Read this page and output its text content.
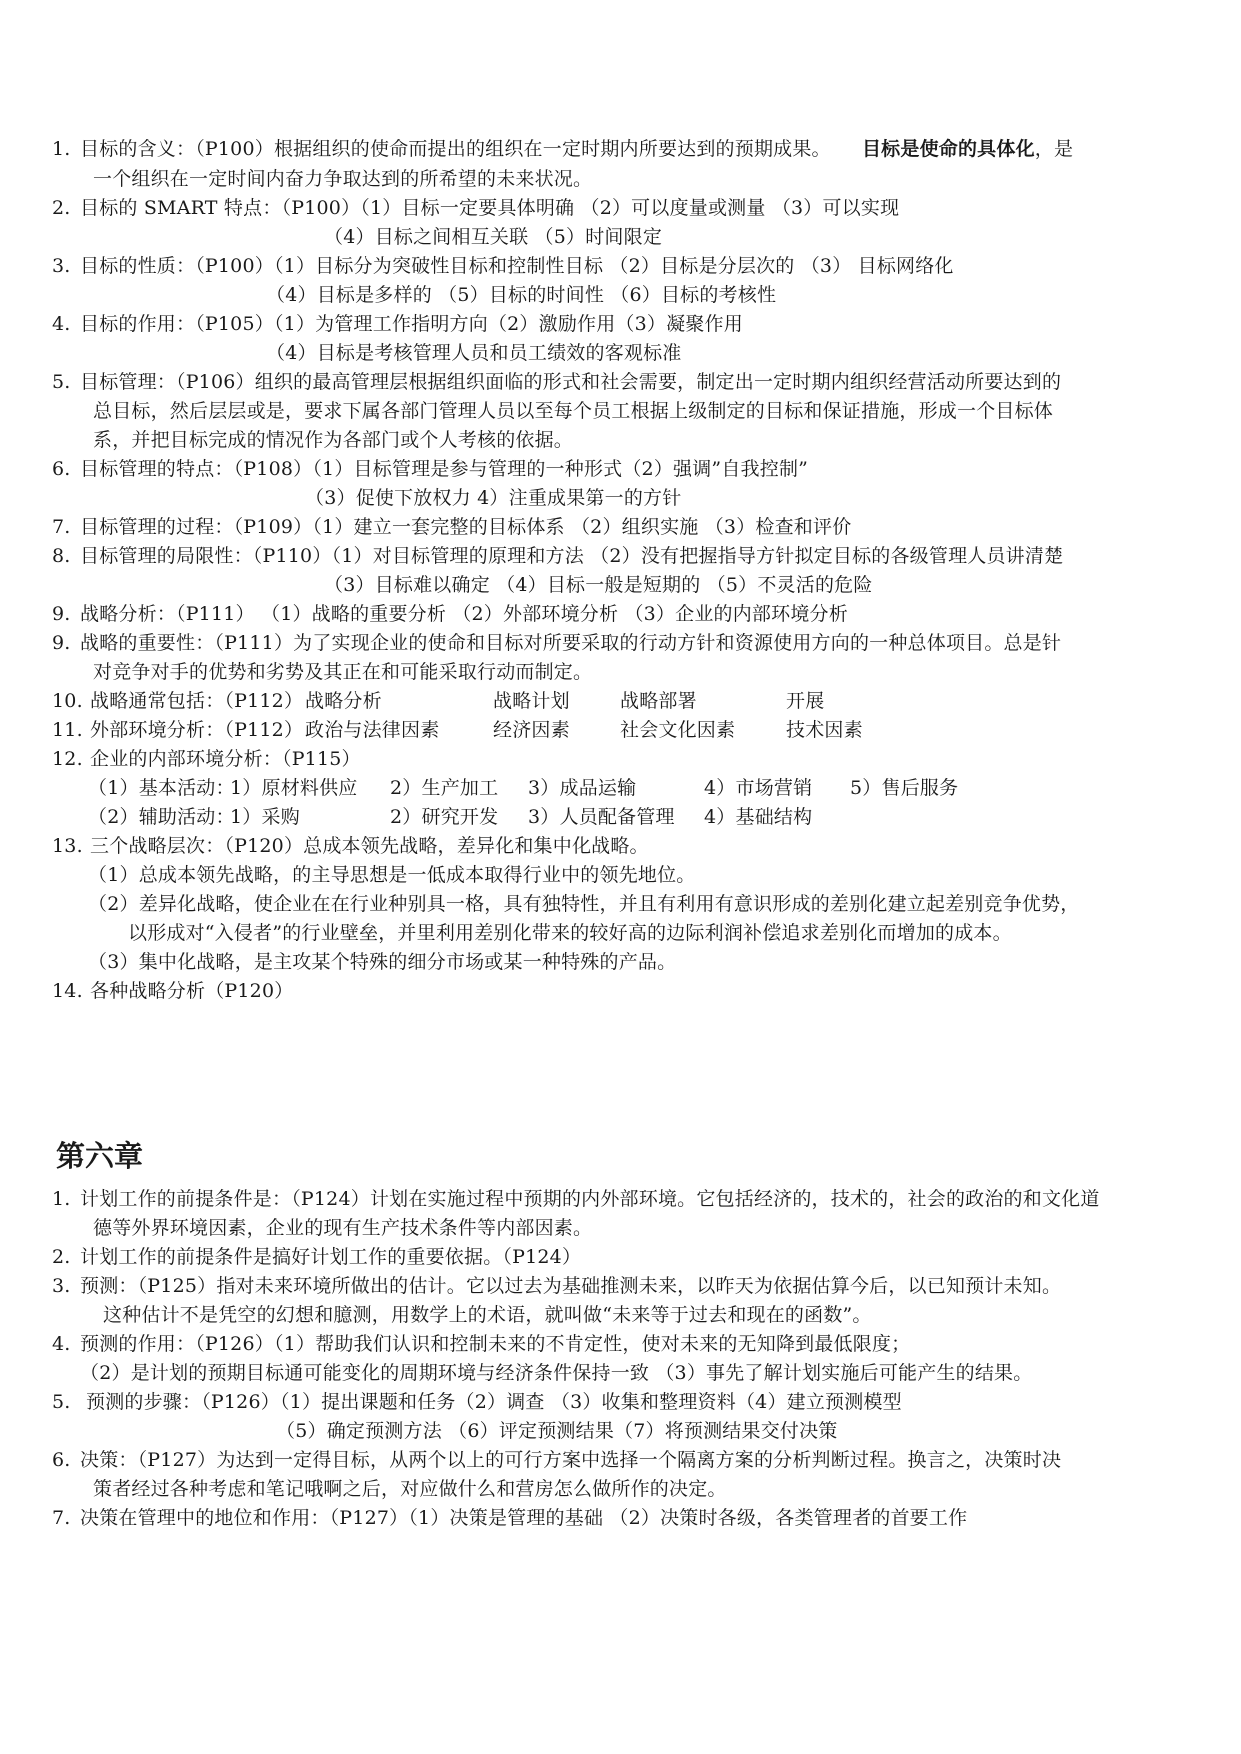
1. 目标的含义：（P100）根据组织的使命而提出的组织在一定时期内所要达到的预期成果。 目标是使命的具体化，是
一个组织在一定时间内奋力争取达到的所希望的未来状况。
2. 目标的 SMART 特点：（P100）（1）目标一定要具体明确 （2）可以度量或测量 （3）可以实现
（4）目标之间相互关联 （5）时间限定
3. 目标的性质：（P100）（1）目标分为突破性目标和控制性目标 （2）目标是分层次的 （3） 目标网络化
（4）目标是多样的 （5）目标的时间性 （6）目标的考核性
4. 目标的作用：（P105）（1）为管理工作指明方向（2）激励作用（3）凝聚作用
（4）目标是考核管理人员和员工绩效的客观标准
5. 目标管理：（P106）组织的最高管理层根据组织面临的形式和社会需要，制定出一定时期内组织经营活动所要达到的
总目标，然后层层或是，要求下属各部门管理人员以至每个员工根据上级制定的目标和保证措施，形成一个目标体
系，并把目标完成的情况作为各部门或个人考核的依据。
6. 目标管理的特点：（P108）（1）目标管理是参与管理的一种形式（2）强调”自我控制”
（3）促使下放权力 4）注重成果第一的方针
7. 目标管理的过程：（P109）（1）建立一套完整的目标体系 （2）组织实施 （3）检查和评价
8. 目标管理的局限性：（P110）（1）对目标管理的原理和方法 （2）没有把握指导方针拟定目标的各级管理人员讲清楚
（3）目标难以确定 （4）目标一般是短期的 （5）不灵活的危险
9. 战略分析：（P111） （1）战略的重要分析 （2）外部环境分析 （3）企业的内部环境分析
9. 战略的重要性：（P111）为了实现企业的使命和目标对所要采取的行动方针和资源使用方向的一种总体项目。总是针
对竞争对手的优势和劣势及其正在和可能采取行动而制定。
10. 战略通常包括：（P112）战略分析	战略计划	战略部署	开展
11. 外部环境分析：（P112）政治与法律因素	经济因素	社会文化因素	技术因素
12. 企业的内部环境分析：（P115）
（1）基本活动：1）原材料供应 2）生产加工 3）成品运输	4）市场营销 5）售后服务
（2）辅助活动：1）采购	2）研究开发 3）人员配备管理 4）基础结构
13. 三个战略层次：（P120）总成本领先战略，差异化和集中化战略。
（1）总成本领先战略，的主导思想是一低成本取得行业中的领先地位。
（2）差异化战略，使企业在在行业种别具一格，具有独特性，并且有利用有意识形成的差别化建立起差别竞争优势，
以形成对“入侵者”的行业壁垒，并里利用差别化带来的较好高的边际利润补偿追求差别化而增加的成本。
（3）集中化战略，是主攻某个特殊的细分市场或某一种特殊的产品。
14. 各种战略分析（P120）
第六章
1. 计划工作的前提条件是：（P124）计划在实施过程中预期的内外部环境。它包括经济的，技术的，社会的政治的和文化道
德等外界环境因素，企业的现有生产技术条件等内部因素。
2. 计划工作的前提条件是搞好计划工作的重要依据。（P124）
3. 预测：（P125）指对未来环境所做出的估计。它以过去为基础推测未来，以昨天为依据估算今后，以已知预计未知。
这种估计不是凭空的幻想和臆测，用数学上的术语，就叫做“未来等于过去和现在的函数”。
4. 预测的作用：（P126）（1）帮助我们认识和控制未来的不肯定性，使对未来的无知降到最低限度；
（2）是计划的预期目标通可能变化的周期环境与经济条件保持一致 （3）事先了解计划实施后可能产生的结果。
5. 预测的步骤：（P126）（1）提出课题和任务（2）调查 （3）收集和整理资料（4）建立预测模型
（5）确定预测方法 （6）评定预测结果（7）将预测结果交付决策
6. 决策：（P127）为达到一定得目标，从两个以上的可行方案中选择一个隔离方案的分析判断过程。换言之，决策时决
策者经过各种考虑和笔记哦啊之后，对应做什么和营房怎么做所作的决定。
7. 决策在管理中的地位和作用：（P127）（1）决策是管理的基础 （2）决策时各级，各类管理者的首要工作
